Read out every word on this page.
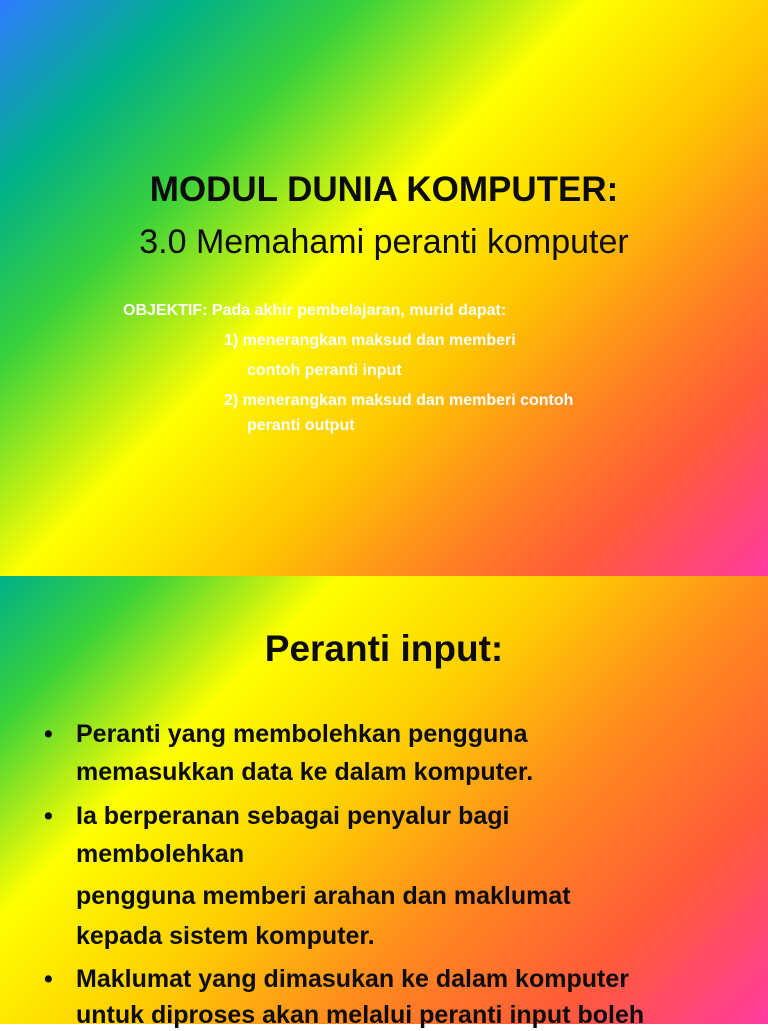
MODUL DUNIA KOMPUTER:
3.0 Memahami peranti komputer
OBJEKTIF: Pada akhir pembelajaran, murid dapat:
1) menerangkan maksud dan memberi
contoh peranti input
2) menerangkan maksud dan memberi contoh
peranti output
Peranti input:
• Peranti yang membolehkan pengguna
memasukkan data ke dalam komputer.
• Ia berperanan sebagai penyalur bagi
membolehkan
pengguna memberi arahan dan maklumat
kepada sistem komputer.
• Maklumat yang dimasukan ke dalam komputer
untuk diproses akan melalui peranti input boleh
